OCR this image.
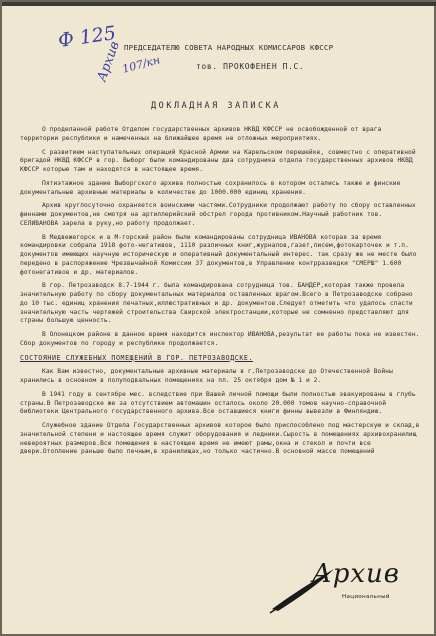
Ф 125
Архив
107/кн
ПРЕДСЕДАТЕЛЮ СОВЕТА НАРОДНЫХ КОМИССАРОВ КФССР
тов. ПРОКОФЕНЕН П.С.
ДОКЛАДНАЯ ЗАПИСКА

О проделанной работе Отделом государственных архивов НКВД КФССР не освобожденной от врага территории республики и намеченных на ближайшее время не отложных мероприятиях.

С развитием наступательных операций Красной Армии на Карельском перешейке, совместно с оперативной бригадой НКВД КФССР в гор. Выборг были командированы два сотрудника отдела государственных архивов НКВД КФССР которые там и находятся в настоящее время.

Пятиэтажное здание Выборгского архива полностью сохранилось в котором остались также и финские документальные архивные материалы в количестве до 1000.000 единиц хранения.

Архив круглосуточно охраняется воинскими частями.Сотрудники продолжают работу по сбору оставленных финнами документов,не смотря на артиллерийский обстрел города противником.Научный работник тов. СЕЛИВАНОВА зарела в руку,но работу продолжает.

В Медвежегорск и в М-горский район были командированы сотрудница ИВАНОВА которая за время командировки собрала 1918 фото-негативов, 1110 различных книг,журналов,газет,писем,фотокарточек и т.п. документов имеющих научную историческую и оперативный документальный интерес. так сразу же не месте было передено в распоряжение Чрезвычайной Комиссии 37 документов,в Управление контрразведки "СМЕРШ" 1.600 фотонегативов и др. материалов.

В гор. Петрозаводск 8.7-1944 г. была командирована сотрудница тов. БАНДЕР,которая также провела значительную работу по сбору документальных материалов оставленных врагом.Всего в Петрозаводске собрано до 10 тыс. единиц хранения печатных,иллюстративных и др. документов.Следует отметить что удалось спасти значительную часть чертежей строительства Свирской электростанции,которые не сомненно представляют для страны большую ценность.

В Олонецком районе в данное время находится инспектор ИВАНОВА,результат ее работы пока не известен. Сбор документов по городу и республике продолжается.

СОСТОЯНИЕ СЛУЖЕБНЫХ ПОМЕЩЕНИЙ В ГОР. ПЕТРОЗАВОДСКЕ.

Как Вам известно, документальные архивные материалы в г.Петрозаводске до Отечественной Войны хранились в основном в полуподвальных помещениях на пл. 25 октября дом № 1 и 2.

В 1941 году в сентябре мес. вследствие при Вашей личной помощи были полностью эвакуированы в глубь страны.В Петрозаводске же за отсутствием автомашин осталось около 20.000 томов научно-справочной библиотеки Центрального государственного архива.Все оставшиеся книги финны вывезли в Финляндию.

Служебное здание Отдела Государственных архивов которое было приспособлено под мастерскую и склад,в значительной степени и настоящее время служит оборудования и ледники.Сырость в помещениях архивохранилищ невероятных размеров.Все помещения в настоящее время не имеют рамы,окна и стекол и почти все двери.Отопление раньше было печным,в хранилищах,но только частично.В основной массе помещений

Архив
Национальный
